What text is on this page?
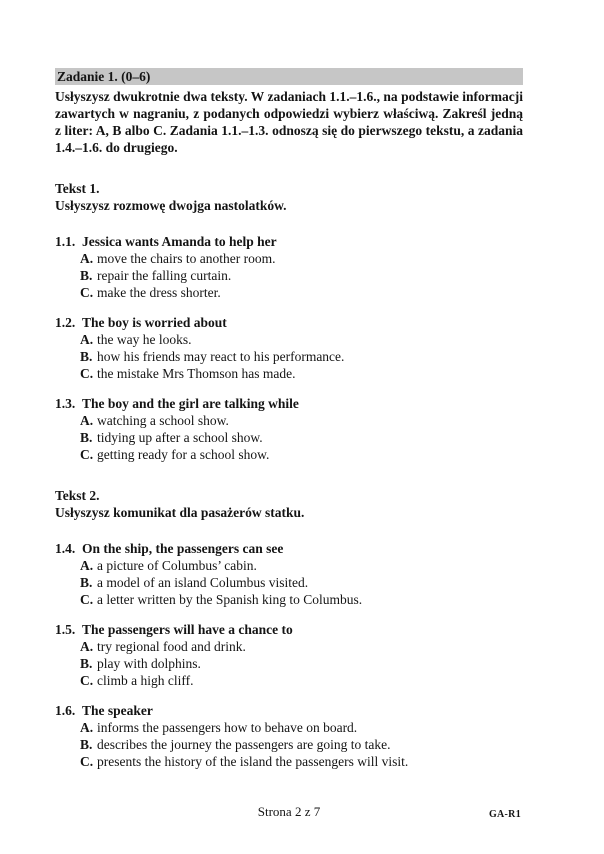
Zadanie 1. (0–6)

Usłyszysz dwukrotnie dwa teksty. W zadaniach 1.1.–1.6., na podstawie informacji zawartych w nagraniu, z podanych odpowiedzi wybierz właściwą. Zakreśl jedną z liter: A, B albo C. Zadania 1.1.–1.3. odnoszą się do pierwszego tekstu, a zadania 1.4.–1.6. do drugiego.

Tekst 1.
Usłyszysz rozmowę dwojga nastolatków.
1.1. Jessica wants Amanda to help her
A. move the chairs to another room.
B. repair the falling curtain.
C. make the dress shorter.
1.2. The boy is worried about
A. the way he looks.
B. how his friends may react to his performance.
C. the mistake Mrs Thomson has made.
1.3. The boy and the girl are talking while
A. watching a school show.
B. tidying up after a school show.
C. getting ready for a school show.
Tekst 2.
Usłyszysz komunikat dla pasażerów statku.
1.4. On the ship, the passengers can see
A. a picture of Columbus’ cabin.
B. a model of an island Columbus visited.
C. a letter written by the Spanish king to Columbus.
1.5. The passengers will have a chance to
A. try regional food and drink.
B. play with dolphins.
C. climb a high cliff.
1.6. The speaker
A. informs the passengers how to behave on board.
B. describes the journey the passengers are going to take.
C. presents the history of the island the passengers will visit.
Strona 2 z 7	GA-R1
